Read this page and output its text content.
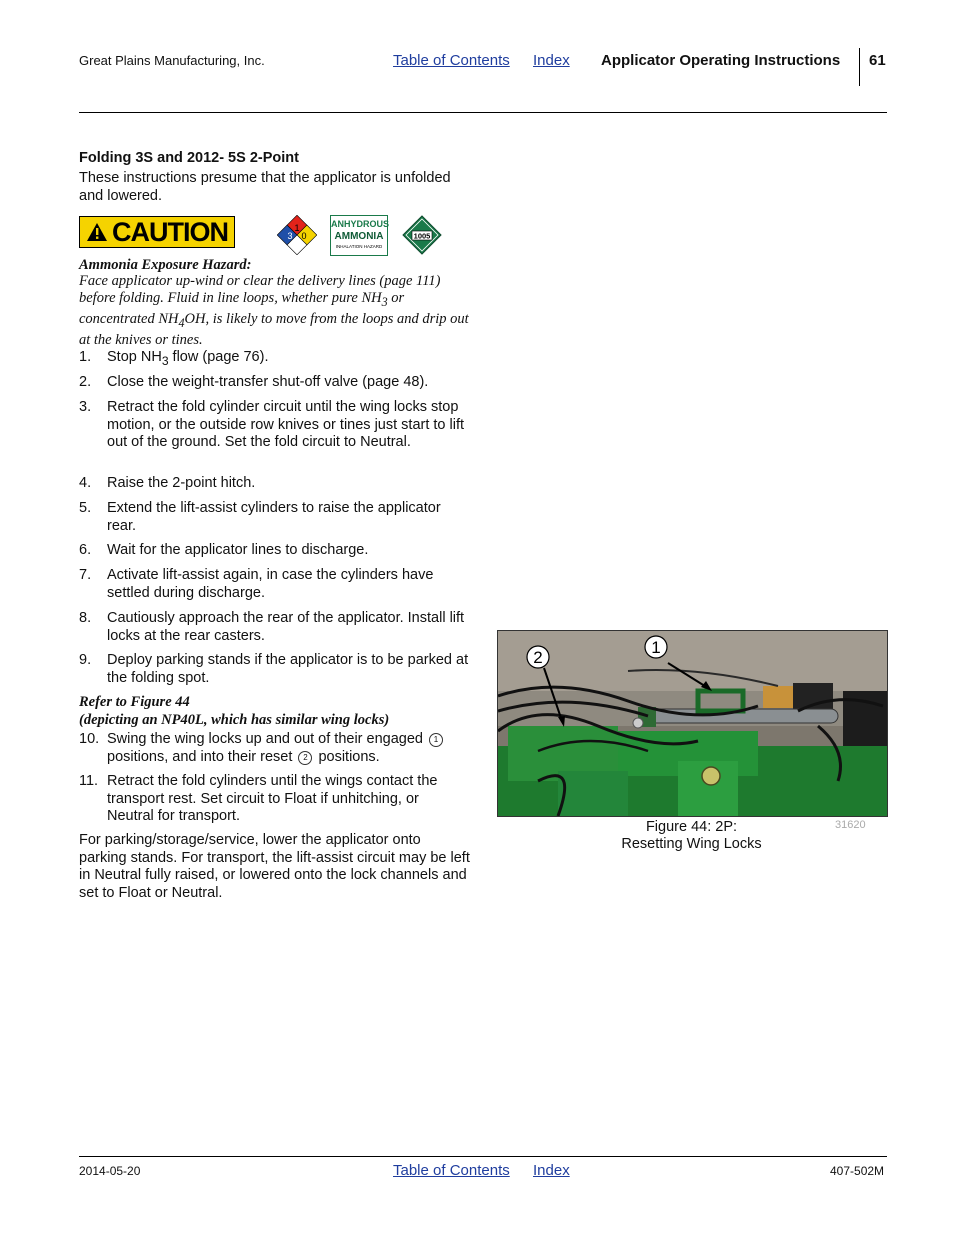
Great Plains Manufacturing, Inc.	Table of Contents Index Applicator Operating Instructions 61
Folding 3S and 2012- 5S 2-Point
These instructions presume that the applicator is unfolded and lowered.
CAUTION	3
1
0
ANHYDROUS
AMMONIA
INHALATION HAZARD
1005
Ammonia Exposure Hazard:
Face applicator up-wind or clear the delivery lines (page 111) before folding. Fluid in line loops, whether pure $NH_3$ or concentrated $NH_4OH$, is likely to move from the loops and drip out at the knives or tines.
1. Stop $NH_3$ flow (page 76).
2. Close the weight-transfer shut-off valve (page 48).
3. Retract the fold cylinder circuit until the wing locks stop motion, or the outside row knives or tines just start to lift out of the ground. Set the fold circuit to Neutral.
4. Raise the 2-point hitch.
5. Extend the lift-assist cylinders to raise the applicator rear.
6. Wait for the applicator lines to discharge.
7. Activate lift-assist again, in case the cylinders have settled during discharge.
8. Cautiously approach the rear of the applicator. Install lift locks at the rear casters.
9. Deploy parking stands if the applicator is to be parked at the folding spot.
Refer to Figure 44
(depicting an NP40L, which has similar wing locks)
10. Swing the wing locks up and out of their engaged 1 positions, and into their reset 2 positions.
11. Retract the fold cylinders until the wings contact the transport rest. Set circuit to Float if unhitching, or Neutral for transport.
For parking/storage/service, lower the applicator onto parking stands. For transport, the lift-assist circuit may be left in Neutral fully raised, or lowered onto the lock channels and set to Float or Neutral.
1
2
Figure 44: 2P:
Resetting Wing Locks
31620
2014-05-20	Table of Contents Index	407-502M
